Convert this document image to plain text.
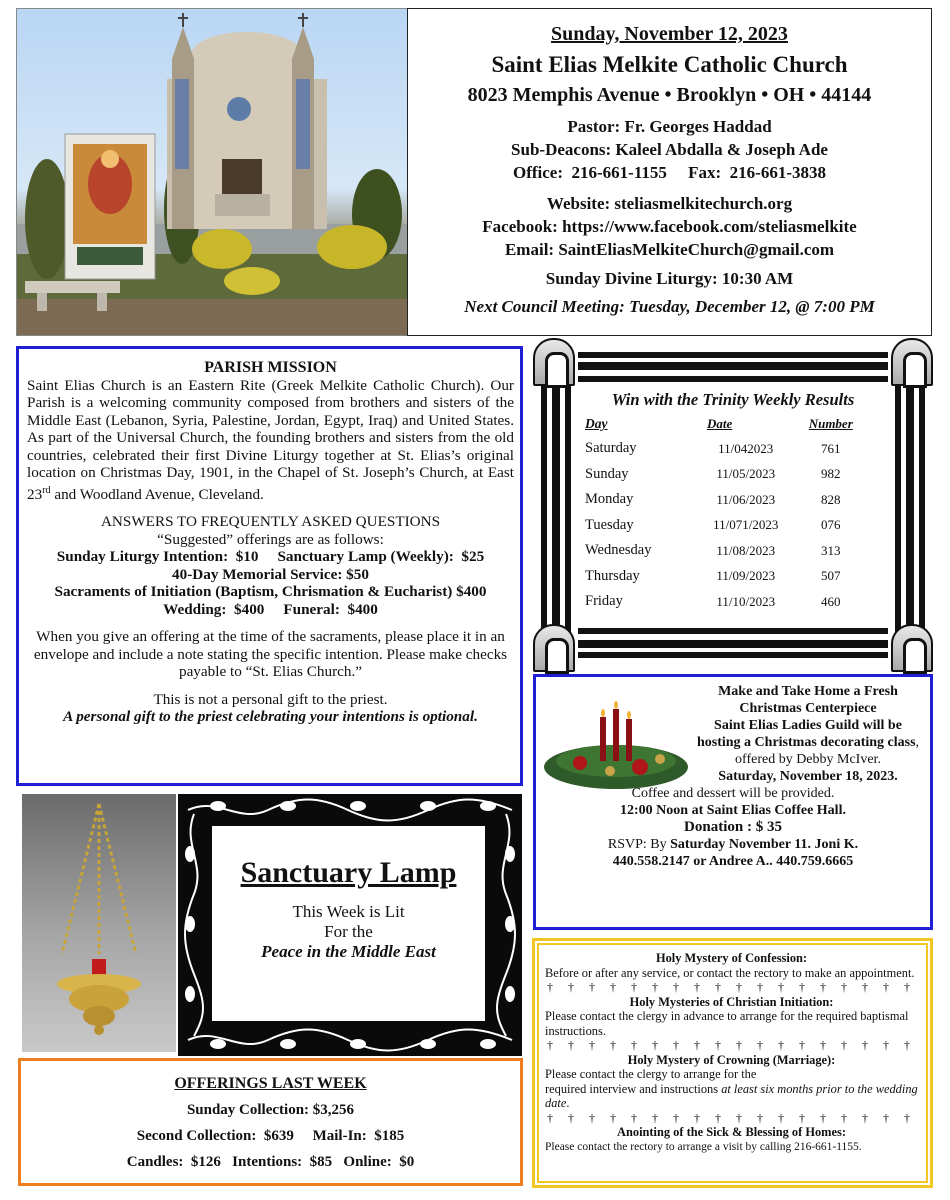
Sunday, November 12, 2023
Saint Elias Melkite Catholic Church
8023 Memphis Avenue • Brooklyn • OH • 44144
Pastor: Fr. Georges Haddad
Sub-Deacons: Kaleel Abdalla & Joseph Ade
Office:  216-661-1155     Fax:  216-661-3838
Website: steliasmelkitechurch.org
Facebook: https://www.facebook.com/steliasmelkite
Email: SaintEliasMelkiteChurch@gmail.com
Sunday Divine Liturgy: 10:30 AM
Next Council Meeting: Tuesday, December 12, @ 7:00 PM
PARISH MISSION
Saint Elias Church is an Eastern Rite (Greek Melkite Catholic Church). Our Parish is a welcoming community composed from brothers and sisters of the Middle East (Lebanon, Syria, Palestine, Jordan, Egypt, Iraq) and United States. As part of the Universal Church, the founding brothers and sisters from the old countries, celebrated their first Divine Liturgy together at St. Elias’s original location on Christmas Day, 1901, in the Chapel of St. Joseph’s Church, at East 23rd and Woodland Avenue, Cleveland.
ANSWERS TO FREQUENTLY ASKED QUESTIONS
“Suggested” offerings are as follows:
Sunday Liturgy Intention:  $10     Sanctuary Lamp (Weekly):  $25
40-Day Memorial Service: $50
Sacraments of Initiation (Baptism, Chrismation & Eucharist) $400
Wedding:  $400     Funeral:  $400
When you give an offering at the time of the sacraments, please place it in an envelope and include a note stating the specific intention. Please make checks payable to “St. Elias Church.”
This is not a personal gift to the priest.
A personal gift to the priest celebrating your intentions is optional.
Win with the Trinity Weekly Results
Day	Date	Number
Saturday	11/042023	761
Sunday	11/05/2023	982
Monday	11/06/2023	828
Tuesday	11/071/2023	076
Wednesday	11/08/2023	313
Thursday	11/09/2023	507
Friday	11/10/2023	460
Make and Take Home a Fresh Christmas Centerpiece
Saint Elias Ladies Guild will be hosting a Christmas decorating class,
offered by Debby McIver.
Saturday, November 18, 2023.
Coffee and dessert will be provided.
12:00 Noon at Saint Elias Coffee Hall.
Donation : $ 35
RSVP: By Saturday November 11. Joni K.
440.558.2147 or Andree A.. 440.759.6665
Sanctuary Lamp
This Week is Lit
For the
Peace in the Middle East
OFFERINGS LAST WEEK
Sunday Collection: $3,256
Second Collection:  $639     Mail-In:  $185
Candles:  $126   Intentions:  $85   Online:  $0
Holy Mystery of Confession:
Before or after any service, or contact the rectory to make an appointment.
† † † † † † † † † † † † † † † † † †
Holy Mysteries of Christian Initiation:
Please contact the clergy in advance to arrange for the required baptismal instructions.
† † † † † † † † † † † † † † † † † †
Holy Mystery of Crowning (Marriage):
Please contact the clergy to arrange for the
required interview and instructions at least six months prior to the wedding date.
† † † † † † † † † † † † † † † † † †
Anointing of the Sick & Blessing of Homes:
Please contact the rectory to arrange a visit by calling 216-661-1155.
